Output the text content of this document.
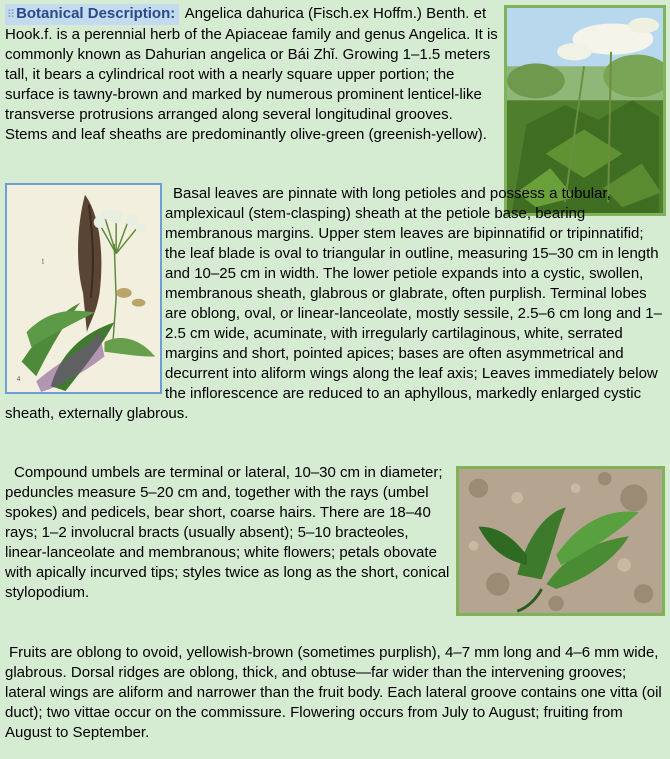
⠿Botanical Description: Angelica dahurica (Fisch.ex Hoffm.) Benth. et Hook.f. is a perennial herb of the Apiaceae family and genus Angelica. It is commonly known as Dahurian angelica or Bái Zhǐ. Growing 1–1.5 meters tall, it bears a cylindrical root with a nearly square upper portion; the surface is tawny-brown and marked by numerous prominent lenticel-like transverse protrusions arranged along several longitudinal grooves. Stems and leaf sheaths are predominantly olive-green (greenish-yellow).

1
4

Basal leaves are pinnate with long petioles and possess a tubular, amplexicaul (stem-clasping) sheath at the petiole base, bearing membranous margins. Upper stem leaves are bipinnatifid or tripinnatifid; the leaf blade is oval to triangular in outline, measuring 15–30 cm in length and 10–25 cm in width. The lower petiole expands into a cystic, swollen, membranous sheath, glabrous or glabrate, often purplish. Terminal lobes are oblong, oval, or linear-lanceolate, mostly sessile, 2.5–6 cm long and 1–2.5 cm wide, acuminate, with irregularly cartilaginous, white, serrated margins and short, pointed apices; bases are often asymmetrical and decurrent into aliform wings along the leaf axis; Leaves immediately below the inflorescence are reduced to an aphyllous, markedly enlarged cystic sheath, externally glabrous.

Compound umbels are terminal or lateral, 10–30 cm in diameter; peduncles measure 5–20 cm and, together with the rays (umbel spokes) and pedicels, bear short, coarse hairs. There are 18–40 rays; 1–2 involucral bracts (usually absent); 5–10 bracteoles, linear-lanceolate and membranous; white flowers; petals obovate with apically incurved tips; styles twice as long as the short, conical stylopodium.

Fruits are oblong to ovoid, yellowish-brown (sometimes purplish), 4–7 mm long and 4–6 mm wide, glabrous. Dorsal ridges are oblong, thick, and obtuse—far wider than the intervening grooves; lateral wings are aliform and narrower than the fruit body. Each lateral groove contains one vitta (oil duct); two vittae occur on the commissure. Flowering occurs from July to August; fruiting from August to September.
